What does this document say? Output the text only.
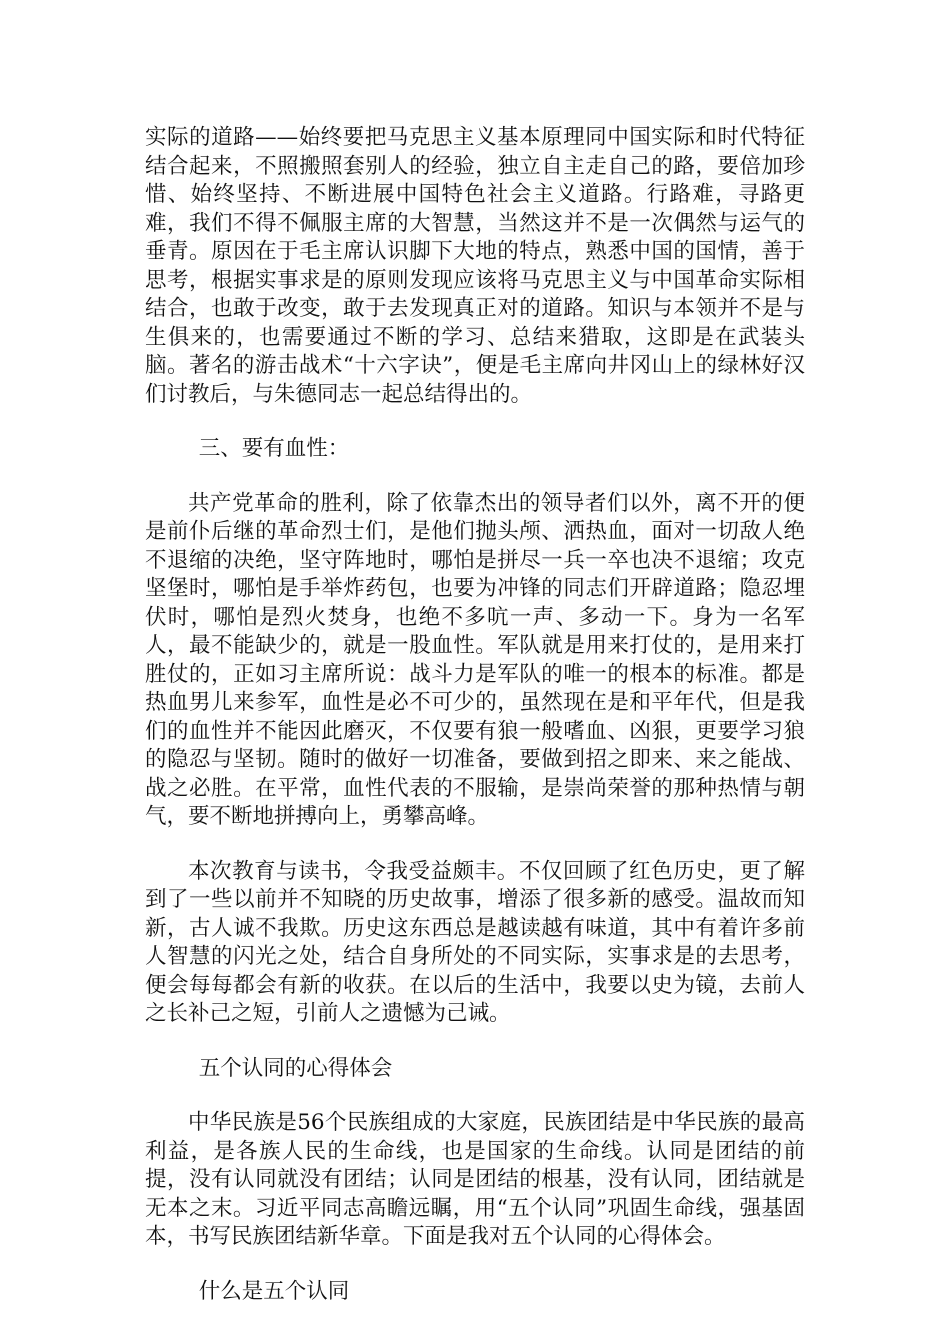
实际的道路——始终要把马克思主义基本原理同中国实际和时代特征结合起来，不照搬照套别人的经验，独立自主走自己的路，要倍加珍惜、始终坚持、不断进展中国特色社会主义道路。行路难，寻路更难，我们不得不佩服主席的大智慧，当然这并不是一次偶然与运气的垂青。原因在于毛主席认识脚下大地的特点，熟悉中国的国情，善于思考，根据实事求是的原则发现应该将马克思主义与中国革命实际相结合，也敢于改变，敢于去发现真正对的道路。知识与本领并不是与生俱来的，也需要通过不断的学习、总结来猎取，这即是在武装头脑。著名的游击战术“十六字诀”，便是毛主席向井冈山上的绿林好汉们讨教后，与朱德同志一起总结得出的。

三、要有血性：

共产党革命的胜利，除了依靠杰出的领导者们以外，离不开的便是前仆后继的革命烈士们，是他们抛头颅、洒热血，面对一切敌人绝不退缩的决绝，坚守阵地时，哪怕是拼尽一兵一卒也决不退缩；攻克坚堡时，哪怕是手举炸药包，也要为冲锋的同志们开辟道路；隐忍埋伏时，哪怕是烈火焚身，也绝不多吭一声、多动一下。身为一名军人，最不能缺少的，就是一股血性。军队就是用来打仗的，是用来打胜仗的，正如习主席所说：战斗力是军队的唯一的根本的标准。都是热血男儿来参军，血性是必不可少的，虽然现在是和平年代，但是我们的血性并不能因此磨灭，不仅要有狼一般嗜血、凶狠，更要学习狼的隐忍与坚韧。随时的做好一切准备，要做到招之即来、来之能战、战之必胜。在平常，血性代表的不服输，是崇尚荣誉的那种热情与朝气，要不断地拼搏向上，勇攀高峰。

本次教育与读书，令我受益颇丰。不仅回顾了红色历史，更了解到了一些以前并不知晓的历史故事，增添了很多新的感受。温故而知新，古人诚不我欺。历史这东西总是越读越有味道，其中有着许多前人智慧的闪光之处，结合自身所处的不同实际，实事求是的去思考，便会每每都会有新的收获。在以后的生活中，我要以史为镜，去前人之长补己之短，引前人之遗憾为己诫。

五个认同的心得体会

中华民族是56个民族组成的大家庭，民族团结是中华民族的最高利益，是各族人民的生命线，也是国家的生命线。认同是团结的前提，没有认同就没有团结；认同是团结的根基，没有认同，团结就是无本之末。习近平同志高瞻远瞩，用“五个认同”巩固生命线，强基固本，书写民族团结新华章。下面是我对五个认同的心得体会。

什么是五个认同
